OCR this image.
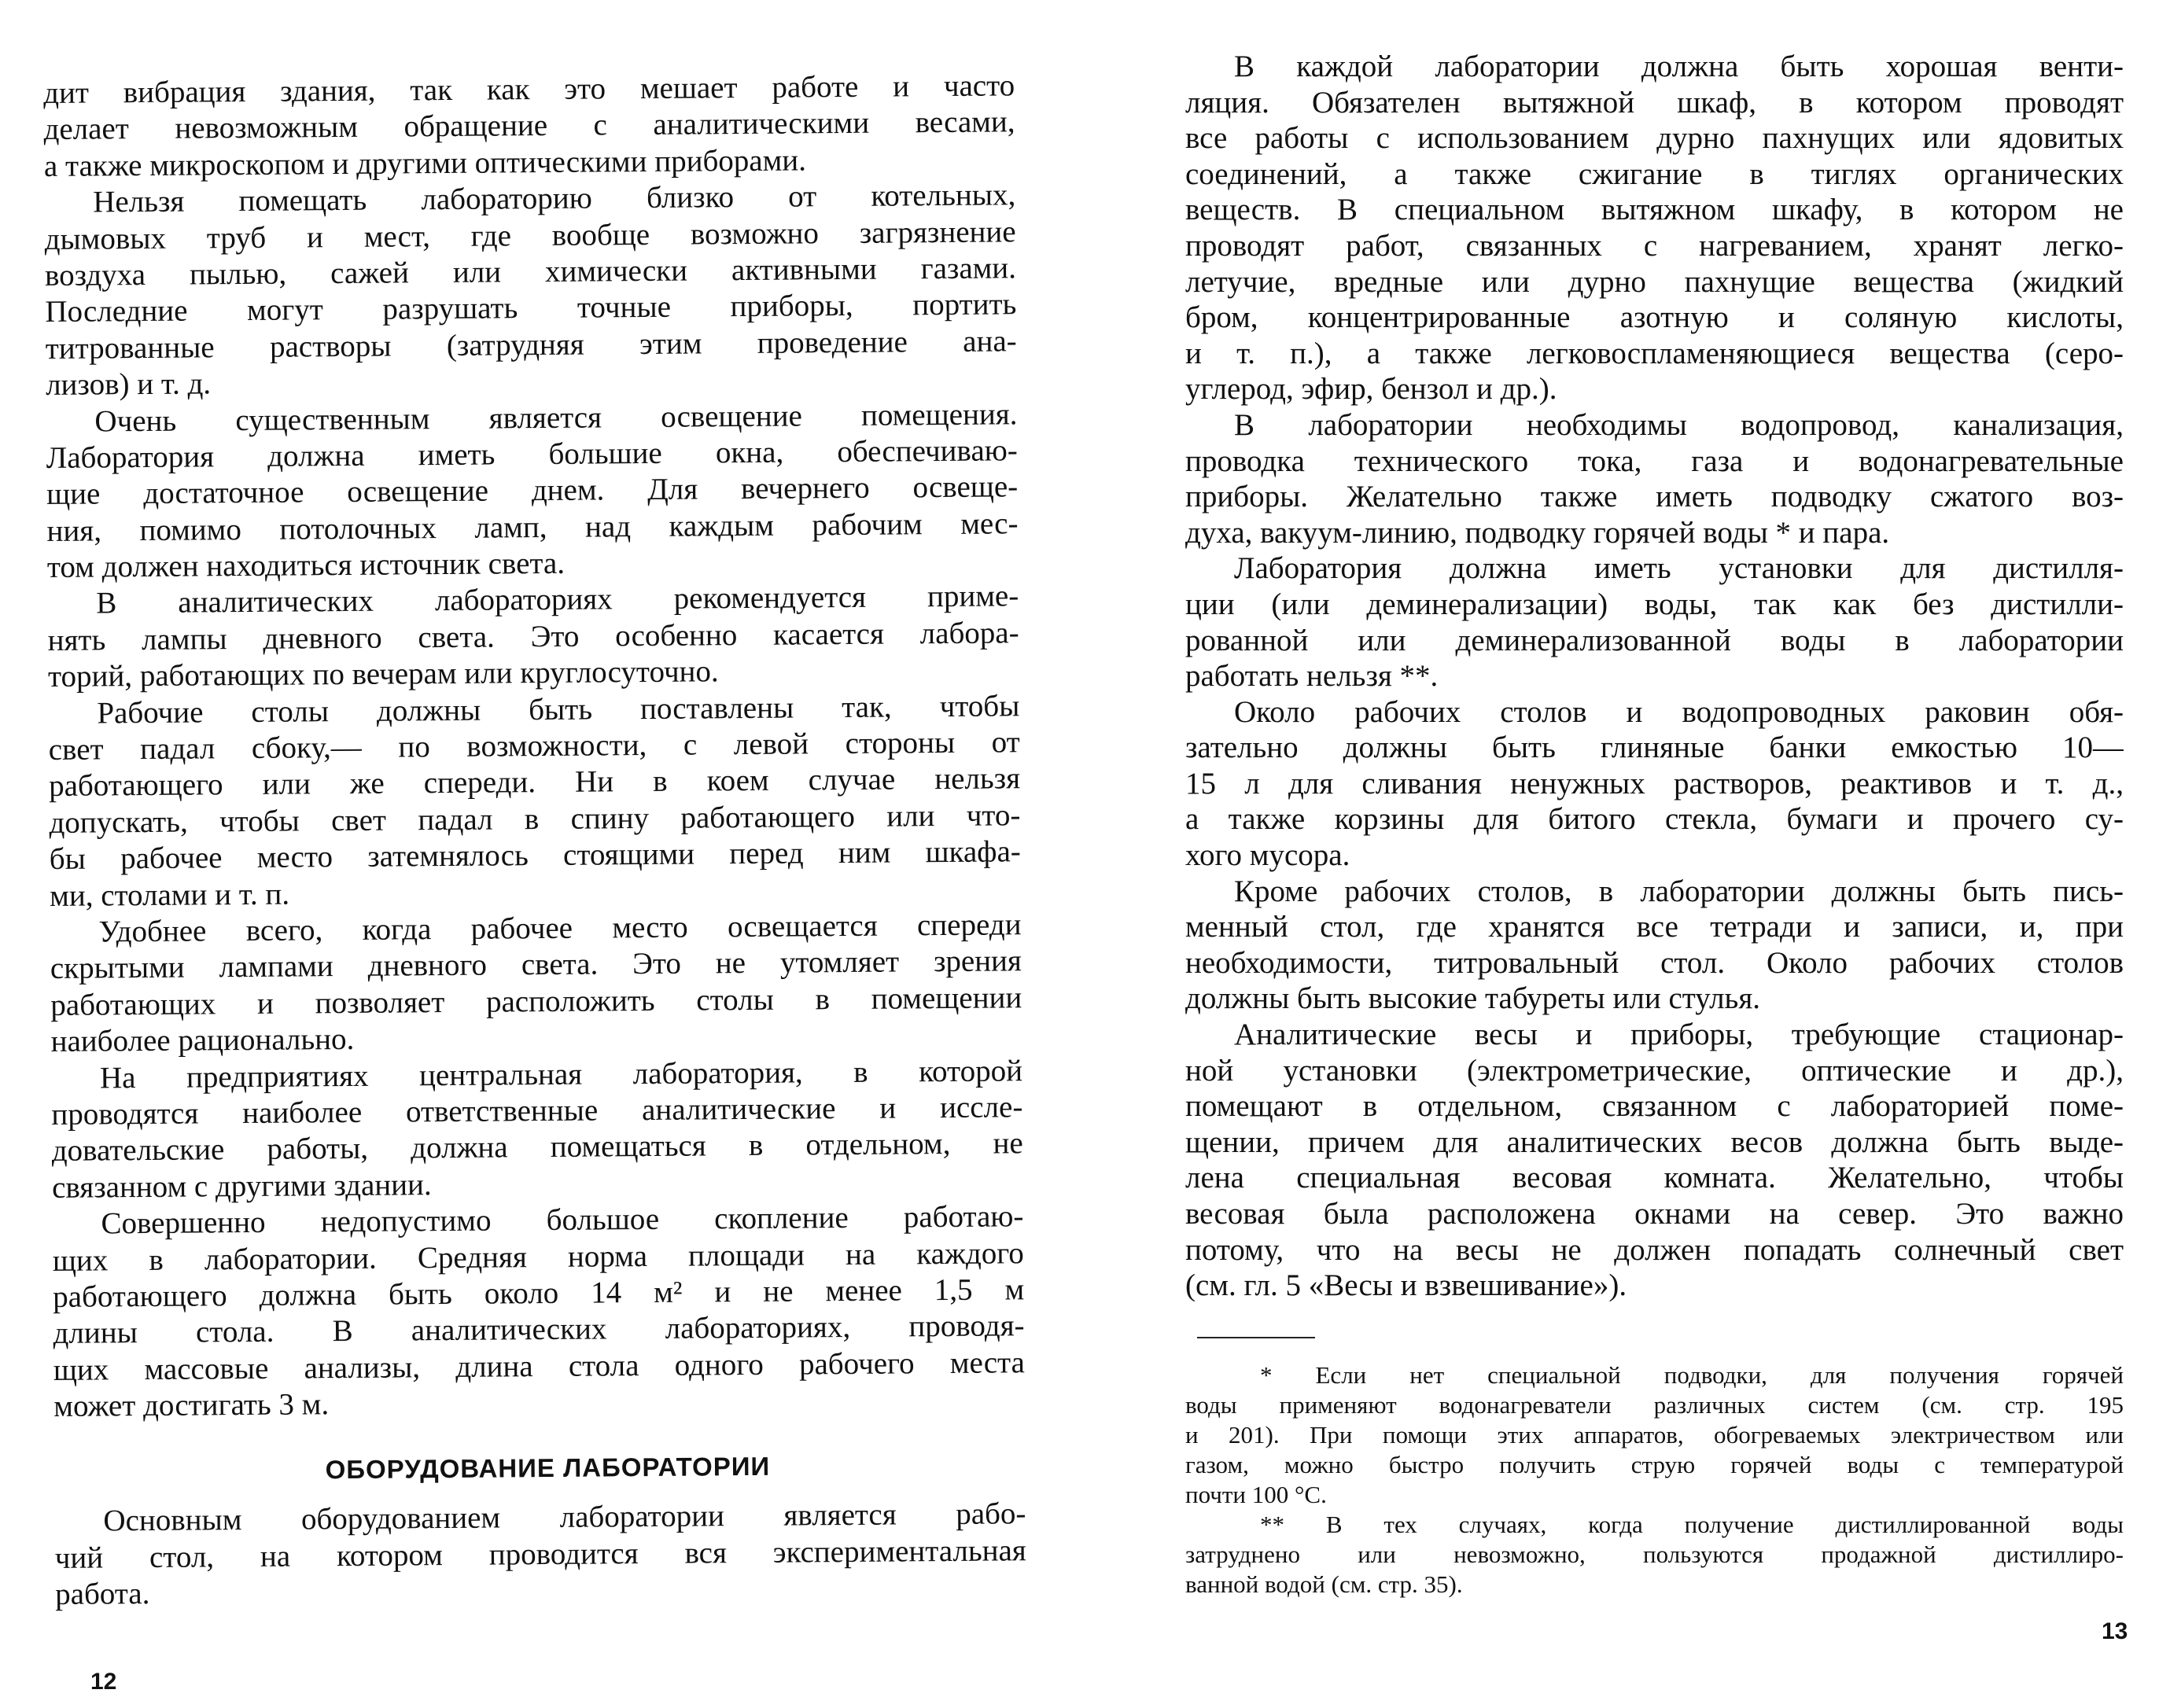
дит вибрация здания, так как это мешает работе и часто
делает невозможным обращение с аналитическими весами,
а также микроскопом и другими оптическими приборами.
Нельзя помещать лабораторию близко от котельных,
дымовых труб и мест, где вообще возможно загрязнение
воздуха пылью, сажей или химически активными газами.
Последние могут разрушать точные приборы, портить
титрованные растворы (затрудняя этим проведение ана-
лизов) и т. д.
Очень существенным является освещение помещения.
Лаборатория должна иметь большие окна, обеспечиваю-
щие достаточное освещение днем. Для вечернего освеще-
ния, помимо потолочных ламп, над каждым рабочим мес-
том должен находиться источник света.
В аналитических лабораториях рекомендуется приме-
нять лампы дневного света. Это особенно касается лабора-
торий, работающих по вечерам или круглосуточно.
Рабочие столы должны быть поставлены так, чтобы
свет падал сбоку,— по возможности, с левой стороны от
работающего или же спереди. Ни в коем случае нельзя
допускать, чтобы свет падал в спину работающего или что-
бы рабочее место затемнялось стоящими перед ним шкафа-
ми, столами и т. п.
Удобнее всего, когда рабочее место освещается спереди
скрытыми лампами дневного света. Это не утомляет зрения
работающих и позволяет расположить столы в помещении
наиболее рационально.
На предприятиях центральная лаборатория, в которой
проводятся наиболее ответственные аналитические и иссле-
довательские работы, должна помещаться в отдельном, не
связанном с другими здании.
Совершенно недопустимо большое скопление работаю-
щих в лаборатории. Средняя норма площади на каждого
работающего должна быть около 14 м² и не менее 1,5 м
длины стола. В аналитических лабораториях, проводя-
щих массовые анализы, длина стола одного рабочего места
может достигать 3 м.
ОБОРУДОВАНИЕ ЛАБОРАТОРИИ
Основным оборудованием лаборатории является рабо-
чий стол, на котором проводится вся экспериментальная
работа.
12
В каждой лаборатории должна быть хорошая венти-
ляция. Обязателен вытяжной шкаф, в котором проводят
все работы с использованием дурно пахнущих или ядовитых
соединений, а также сжигание в тиглях органических
веществ. В специальном вытяжном шкафу, в котором не
проводят работ, связанных с нагреванием, хранят легко-
летучие, вредные или дурно пахнущие вещества (жидкий
бром, концентрированные азотную и соляную кислоты,
и т. п.), а также легковоспламеняющиеся вещества (серо-
углерод, эфир, бензол и др.).
В лаборатории необходимы водопровод, канализация,
проводка технического тока, газа и водонагревательные
приборы. Желательно также иметь подводку сжатого воз-
духа, вакуум-линию, подводку горячей воды * и пара.
Лаборатория должна иметь установки для дистилля-
ции (или деминерализации) воды, так как без дистилли-
рованной или деминерализованной воды в лаборатории
работать нельзя **.
Около рабочих столов и водопроводных раковин обя-
зательно должны быть глиняные банки емкостью 10—
15 л для сливания ненужных растворов, реактивов и т. д.,
а также корзины для битого стекла, бумаги и прочего су-
хого мусора.
Кроме рабочих столов, в лаборатории должны быть пись-
менный стол, где хранятся все тетради и записи, и, при
необходимости, титровальный стол. Около рабочих столов
должны быть высокие табуреты или стулья.
Аналитические весы и приборы, требующие стационар-
ной установки (электрометрические, оптические и др.),
помещают в отдельном, связанном с лабораторией поме-
щении, причем для аналитических весов должна быть выде-
лена специальная весовая комната. Желательно, чтобы
весовая была расположена окнами на север. Это важно
потому, что на весы не должен попадать солнечный свет
(см. гл. 5 «Весы и взвешивание»).
* Если нет специальной подводки, для получения горячей
воды применяют водонагреватели различных систем (см. стр. 195
и 201). При помощи этих аппаратов, обогреваемых электричеством или
газом, можно быстро получить струю горячей воды с температурой
почти 100 °С.
** В тех случаях, когда получение дистиллированной воды
затруднено или невозможно, пользуются продажной дистиллиро-
ванной водой (см. стр. 35).
13
